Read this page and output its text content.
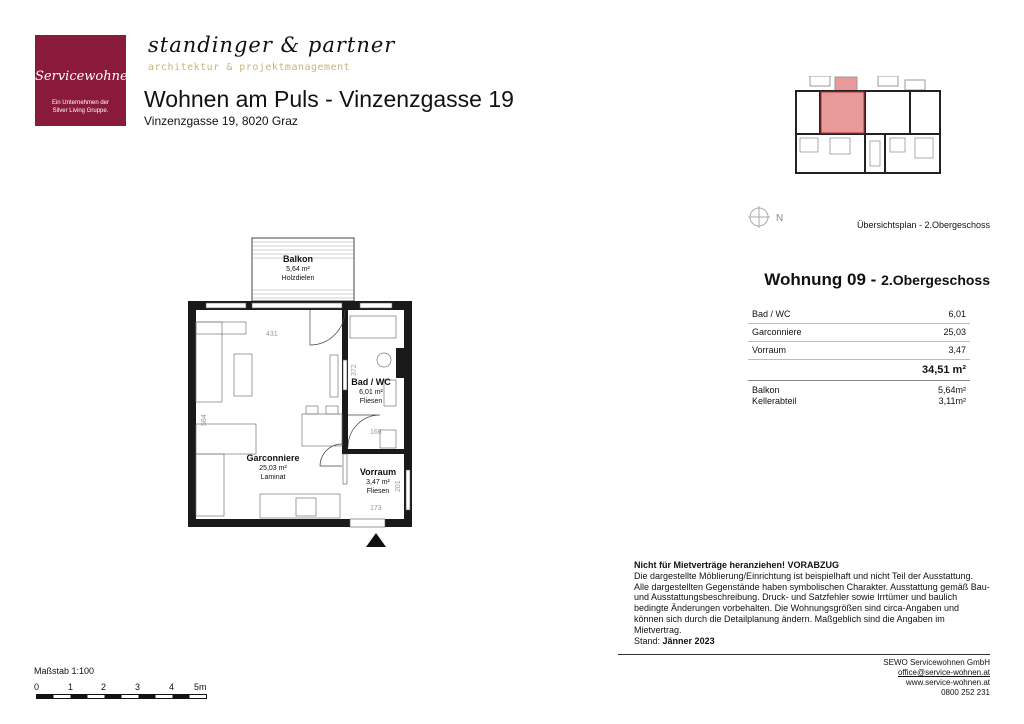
Servicewohnen
Ein Unternehmen der
Silver Living Gruppe.
standinger & partner
architektur & projektmanagement
Wohnen am Puls - Vinzenzgasse 19
Vinzenzgasse 19, 8020 Graz
N
Übersichtsplan - 2.Obergeschoss
Wohnung 09 - 2.Obergeschoss
Bad / WC	6,01
Garconniere	25,03
Vorraum	3,47
34,51 m²
Balkon	5,64m²
Kellerabteil	3,11m²
431
584
372
166
201
173
Balkon
5,64 m²
Holzdielen
Bad / WC
6,01 m²
Fliesen
Garconniere
25,03 m²
Laminat
Vorraum
3,47 m²
Fliesen
Nicht für Mietverträge heranziehen! VORABZUG
Die dargestellte Möblierung/Einrichtung ist beispielhaft und nicht Teil der Ausstattung. Alle dargestellten Gegenstände haben symbolischen Charakter. Ausstattung gemäß Bau- und Ausstattungsbeschreibung. Druck- und Satzfehler sowie Irrtümer und baulich bedingte Änderungen vorbehalten. Die Wohnungsgrößen sind circa-Angaben und können sich durch die Detailplanung ändern. Maßgeblich sind die Angaben im Mietvertrag.
Stand: Jänner 2023
SEWO Servicewohnen GmbH
office@service-wohnen.at
www.service-wohnen.at
0800 252 231
Maßstab 1:100
0	1	2	3	4 5m
